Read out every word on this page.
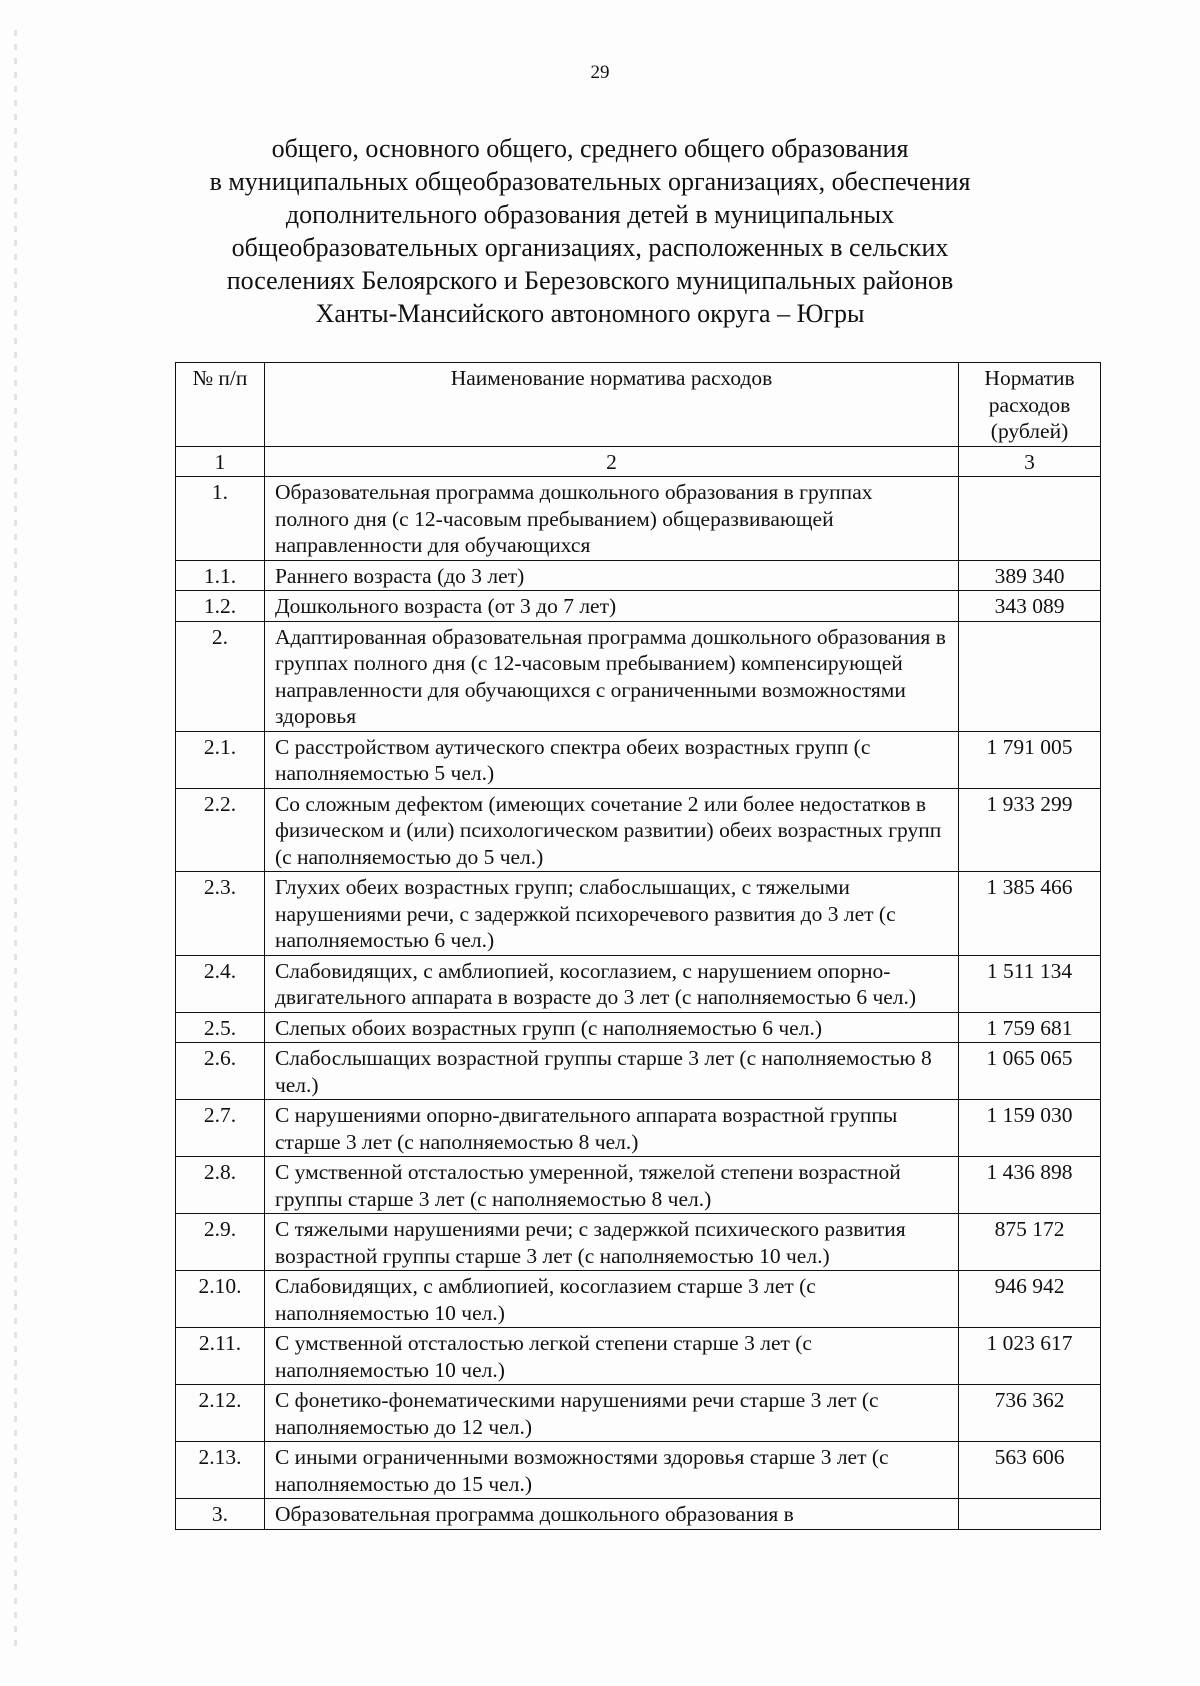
29
общего, основного общего, среднего общего образования
в муниципальных общеобразовательных организациях, обеспечения
дополнительного образования детей в муниципальных
общеобразовательных организациях, расположенных в сельских
поселениях Белоярского и Березовского муниципальных районов
Ханты-Мансийского автономного округа – Югры
№ п/п	Наименование норматива расходов	Норматив расходов (рублей)
1	2	3
1.	Образовательная программа дошкольного образования в группах полного дня (с 12-часовым пребыванием) общеразвивающей направленности для обучающихся	
1.1.	Раннего возраста (до 3 лет)	389 340
1.2.	Дошкольного возраста (от 3 до 7 лет)	343 089
2.	Адаптированная образовательная программа дошкольного образования в группах полного дня (с 12-часовым пребыванием) компенсирующей направленности для обучающихся с ограниченными возможностями здоровья	
2.1.	С расстройством аутического спектра обеих возрастных групп (с наполняемостью 5 чел.)	1 791 005
2.2.	Со сложным дефектом (имеющих сочетание 2 или более недостатков в физическом и (или) психологическом развитии) обеих возрастных групп (с наполняемостью до 5 чел.)	1 933 299
2.3.	Глухих обеих возрастных групп; слабослышащих, с тяжелыми нарушениями речи, с задержкой психоречевого развития до 3 лет (с наполняемостью 6 чел.)	1 385 466
2.4.	Слабовидящих, с амблиопией, косоглазием, с нарушением опорно-двигательного аппарата в возрасте до 3 лет (с наполняемостью 6 чел.)	1 511 134
2.5.	Слепых обоих возрастных групп (с наполняемостью 6 чел.)	1 759 681
2.6.	Слабослышащих возрастной группы старше 3 лет (с наполняемостью 8 чел.)	1 065 065
2.7.	С нарушениями опорно-двигательного аппарата возрастной группы старше 3 лет (с наполняемостью 8 чел.)	1 159 030
2.8.	С умственной отсталостью умеренной, тяжелой степени возрастной группы старше 3 лет (с наполняемостью 8 чел.)	1 436 898
2.9.	С тяжелыми нарушениями речи; с задержкой психического развития возрастной группы старше 3 лет (с наполняемостью 10 чел.)	875 172
2.10.	Слабовидящих, с амблиопией, косоглазием старше 3 лет (с наполняемостью 10 чел.)	946 942
2.11.	С умственной отсталостью легкой степени старше 3 лет (с наполняемостью 10 чел.)	1 023 617
2.12.	С фонетико-фонематическими нарушениями речи старше 3 лет (с наполняемостью до 12 чел.)	736 362
2.13.	С иными ограниченными возможностями здоровья старше 3 лет (с наполняемостью до 15 чел.)	563 606
3.	Образовательная программа дошкольного образования в	
